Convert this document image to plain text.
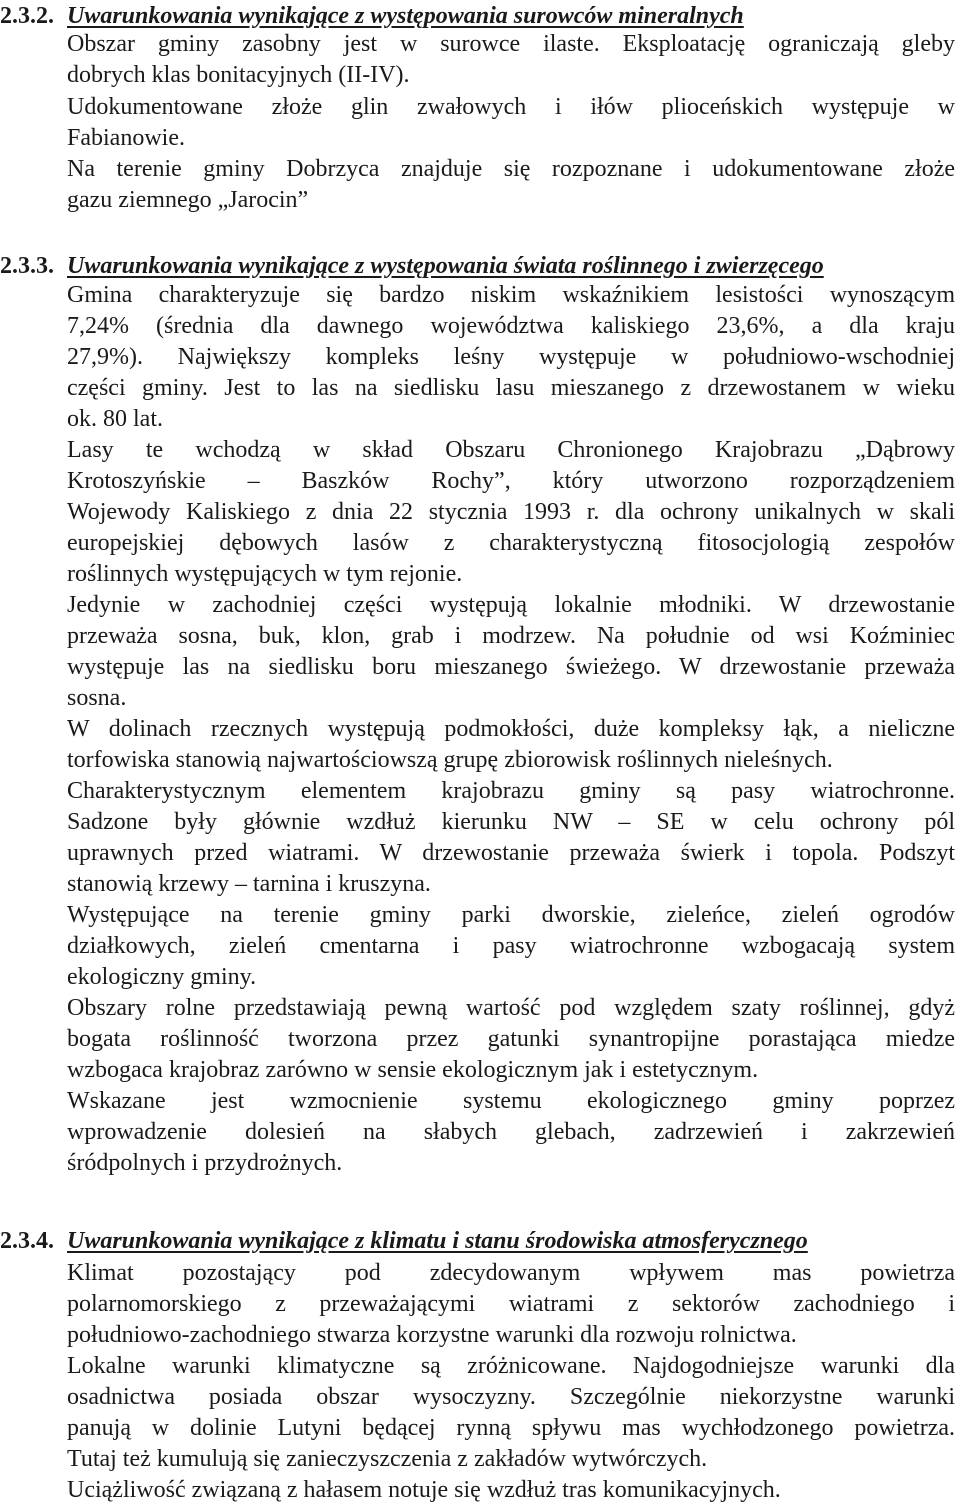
2.3.2. Uwarunkowania wynikające z występowania surowców mineralnych
Obszar gminy zasobny jest w surowce ilaste. Eksploatację ograniczają gleby
dobrych klas bonitacyjnych (II-IV).
Udokumentowane złoże glin zwałowych i iłów plioceńskich występuje w
Fabianowie.
Na terenie gminy Dobrzyca znajduje się rozpoznane i udokumentowane złoże
gazu ziemnego „Jarocin”
2.3.3. Uwarunkowania wynikające z występowania świata roślinnego i zwierzęcego
Gmina charakteryzuje się bardzo niskim wskaźnikiem lesistości wynoszącym
7,24% (średnia dla dawnego województwa kaliskiego 23,6%, a dla kraju
27,9%). Największy kompleks leśny występuje w południowo-wschodniej
części gminy. Jest to las na siedlisku lasu mieszanego z drzewostanem w wieku
ok. 80 lat.
Lasy te wchodzą w skład Obszaru Chronionego Krajobrazu „Dąbrowy
Krotoszyńskie – Baszków Rochy”, który utworzono rozporządzeniem
Wojewody Kaliskiego z dnia 22 stycznia 1993 r. dla ochrony unikalnych w skali
europejskiej dębowych lasów z charakterystyczną fitosocjologią zespołów
roślinnych występujących w tym rejonie.
Jedynie w zachodniej części występują lokalnie młodniki. W drzewostanie
przeważa sosna, buk, klon, grab i modrzew. Na południe od wsi Koźminiec
występuje las na siedlisku boru mieszanego świeżego. W drzewostanie przeważa
sosna.
W dolinach rzecznych występują podmokłości, duże kompleksy łąk, a nieliczne
torfowiska stanowią najwartościowszą grupę zbiorowisk roślinnych nieleśnych.
Charakterystycznym elementem krajobrazu gminy są pasy wiatrochronne.
Sadzone były głównie wzdłuż kierunku NW – SE w celu ochrony pól
uprawnych przed wiatrami. W drzewostanie przeważa świerk i topola. Podszyt
stanowią krzewy – tarnina i kruszyna.
Występujące na terenie gminy parki dworskie, zieleńce, zieleń ogrodów
działkowych, zieleń cmentarna i pasy wiatrochronne wzbogacają system
ekologiczny gminy.
Obszary rolne przedstawiają pewną wartość pod względem szaty roślinnej, gdyż
bogata roślinność tworzona przez gatunki synantropijne porastająca miedze
wzbogaca krajobraz zarówno w sensie ekologicznym jak i estetycznym.
Wskazane jest wzmocnienie systemu ekologicznego gminy poprzez
wprowadzenie dolesień na słabych glebach, zadrzewień i zakrzewień
śródpolnych i przydrożnych.
2.3.4. Uwarunkowania wynikające z klimatu i stanu środowiska atmosferycznego
Klimat pozostający pod zdecydowanym wpływem mas powietrza
polarnomorskiego z przeważającymi wiatrami z sektorów zachodniego i
południowo-zachodniego stwarza korzystne warunki dla rozwoju rolnictwa.
Lokalne warunki klimatyczne są zróżnicowane. Najdogodniejsze warunki dla
osadnictwa posiada obszar wysoczyzny. Szczególnie niekorzystne warunki
panują w dolinie Lutyni będącej rynną spływu mas wychłodzonego powietrza.
Tutaj też kumulują się zanieczyszczenia z zakładów wytwórczych.
Uciążliwość związaną z hałasem notuje się wzdłuż tras komunikacyjnych.
